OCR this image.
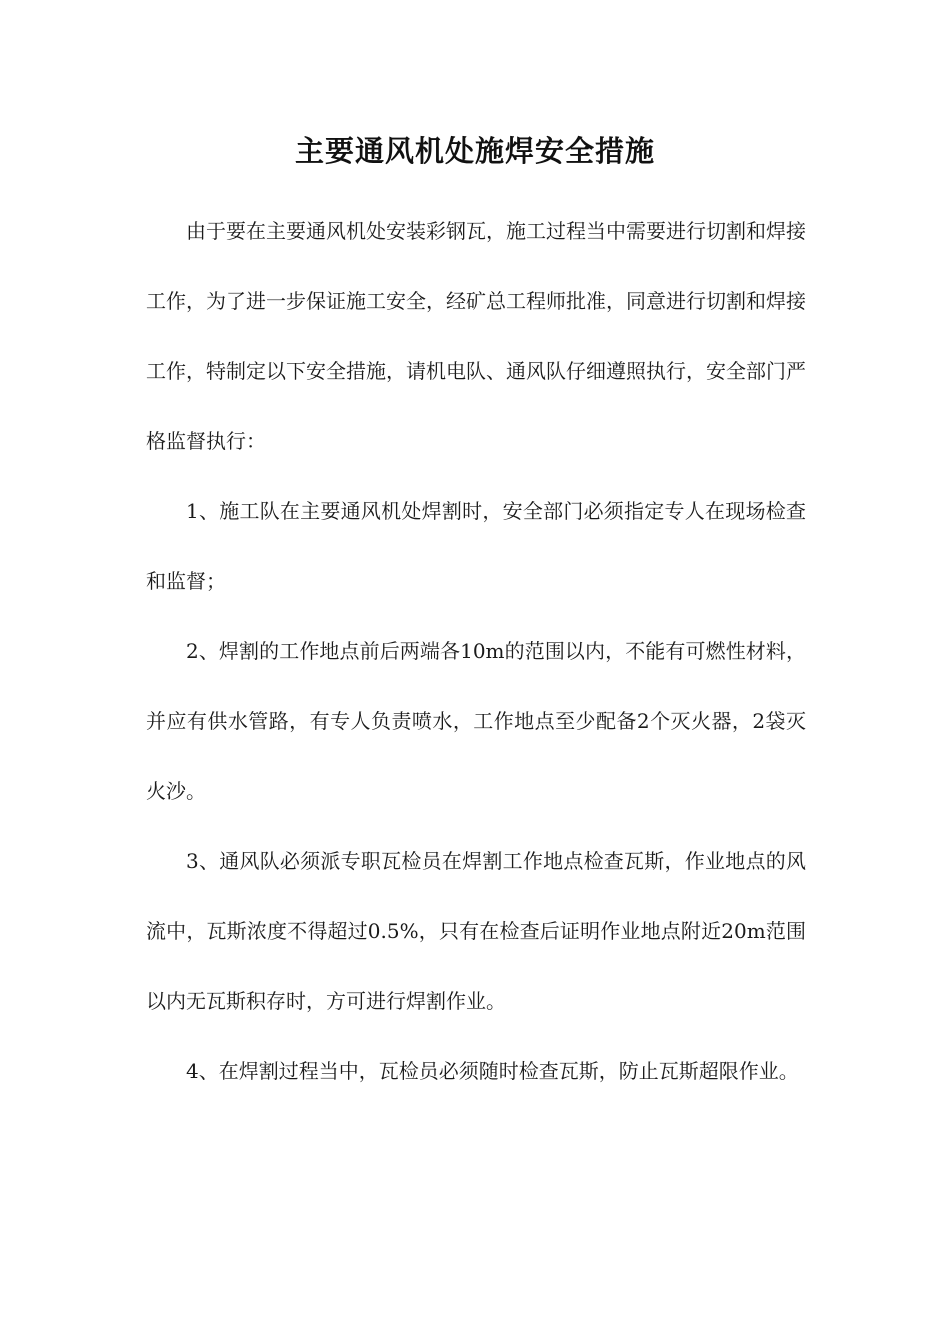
主要通风机处施焊安全措施

由于要在主要通风机处安装彩钢瓦，施工过程当中需要进行切割和焊接工作，为了进一步保证施工安全，经矿总工程师批准，同意进行切割和焊接工作，特制定以下安全措施，请机电队、通风队仔细遵照执行，安全部门严格监督执行：

1、施工队在主要通风机处焊割时，安全部门必须指定专人在现场检查和监督；

2、焊割的工作地点前后两端各10m的范围以内，不能有可燃性材料，并应有供水管路，有专人负责喷水，工作地点至少配备2个灭火器，2袋灭火沙。

3、通风队必须派专职瓦检员在焊割工作地点检查瓦斯，作业地点的风流中，瓦斯浓度不得超过0.5%，只有在检查后证明作业地点附近20m范围以内无瓦斯积存时，方可进行焊割作业。

4、在焊割过程当中，瓦检员必须随时检查瓦斯，防止瓦斯超限作业。
